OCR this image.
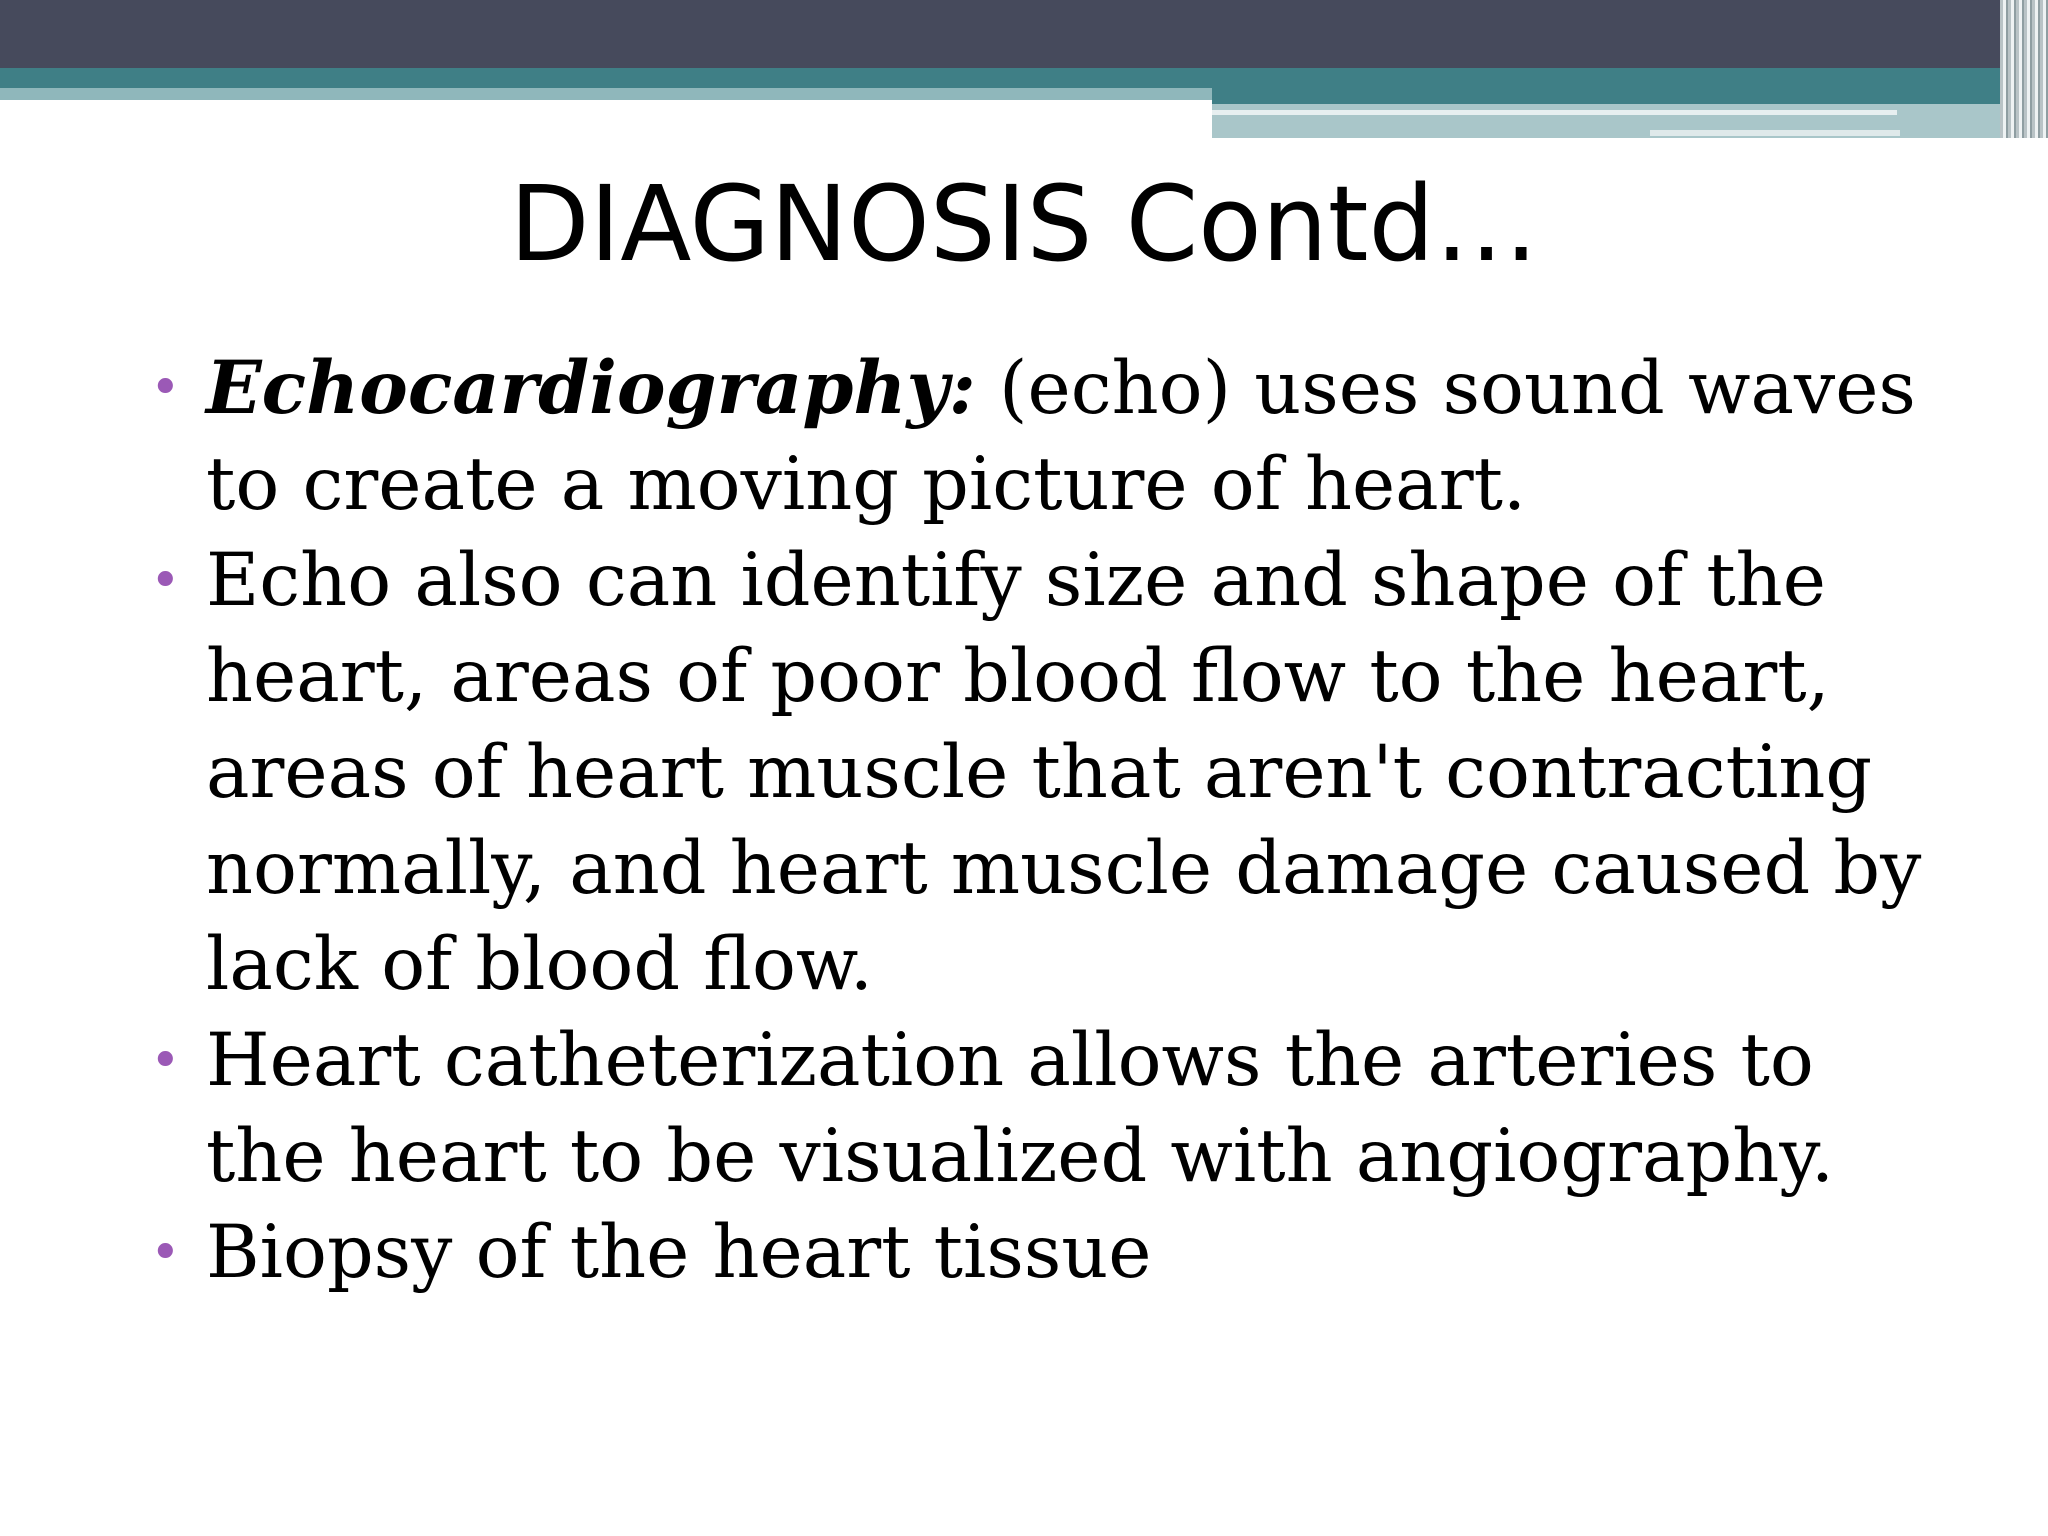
DIAGNOSIS Contd…
• Echocardiography: (echo) uses sound waves to create a moving picture of heart.
• Echo also can identify size and shape of the heart, areas of poor blood flow to the heart, areas of heart muscle that aren't contracting normally, and heart muscle damage caused by lack of blood flow.
• Heart catheterization allows the arteries to the heart to be visualized with angiography.
• Biopsy of the heart tissue
